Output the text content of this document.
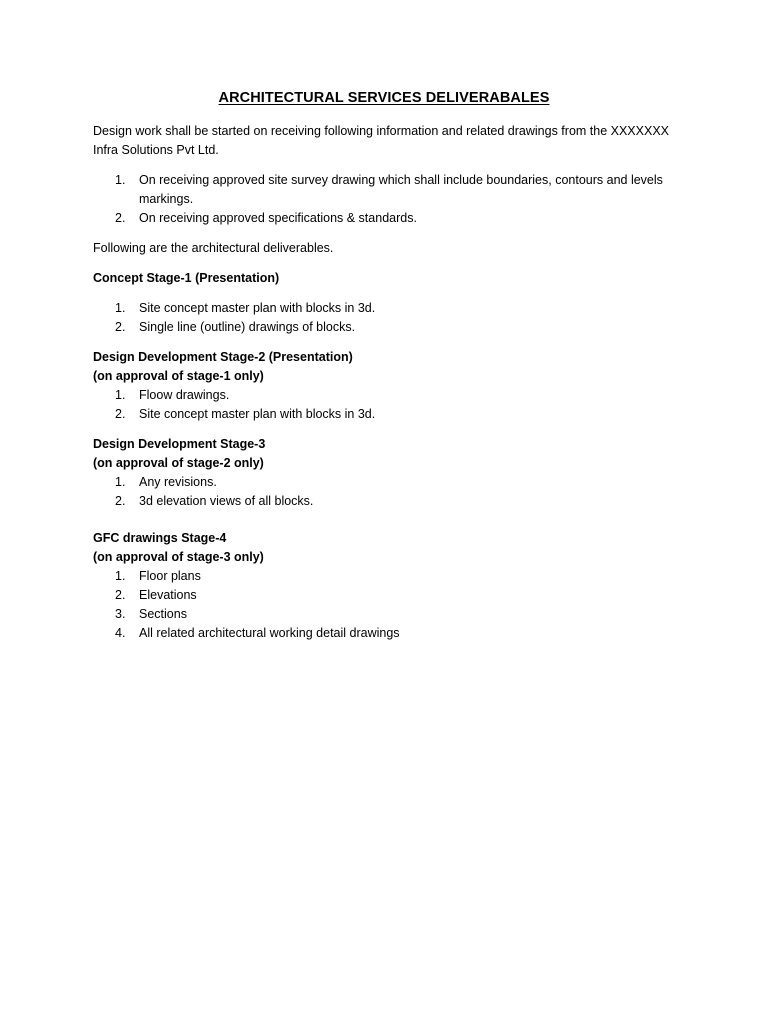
ARCHITECTURAL SERVICES DELIVERABALES

Design work shall be started on receiving following information and related drawings from the XXXXXXX Infra Solutions Pvt Ltd.

1. On receiving approved site survey drawing which shall include boundaries, contours and levels markings.
2. On receiving approved specifications & standards.

Following are the architectural deliverables.

Concept Stage-1 (Presentation)

1. Site concept master plan with blocks in 3d.
2. Single line (outline) drawings of blocks.

Design Development Stage-2 (Presentation)

(on approval of stage-1 only)

1. Floow drawings.
2. Site concept master plan with blocks in 3d.

Design Development Stage-3

(on approval of stage-2 only)

1. Any revisions.
2. 3d elevation views of all blocks.

GFC drawings Stage-4

(on approval of stage-3 only)

1. Floor plans
2. Elevations
3. Sections
4. All related architectural working detail drawings
